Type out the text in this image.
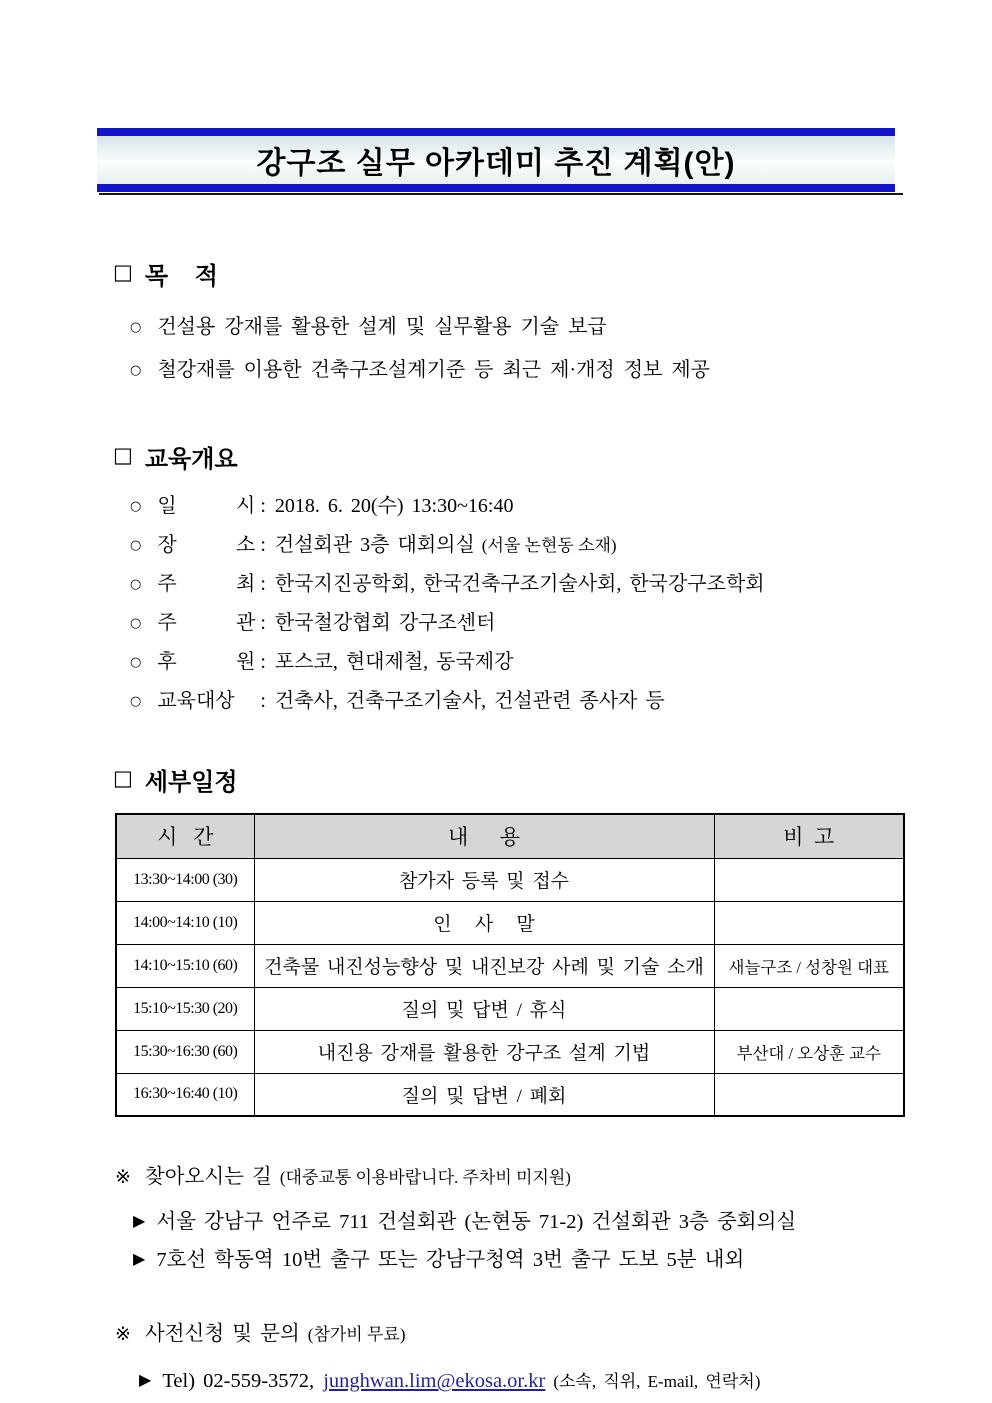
강구조 실무 아카데미 추진 계획(안)
□ 목    적
○ 건설용 강재를 활용한 설계 및 실무활용 기술 보급
○ 철강재를 이용한 건축구조설계기준 등 최근 제·개정 정보 제공
□ 교육개요
○ 일 시 : 2018. 6. 20(수) 13:30~16:40
○ 장 소 : 건설회관 3층 대회의실 (서울 논현동 소재)
○ 주 최 : 한국지진공학회, 한국건축구조기술사회, 한국강구조학회
○ 주 관 : 한국철강협회 강구조센터
○ 후 원 : 포스코, 현대제철, 동국제강
○ 교육대상	: 건축사, 건축구조기술사, 건설관련 종사자 등
□ 세부일정
시   간	내      용	비  고
13:30~14:00 (30)	참가자 등록 및 접수	
14:00~14:10 (10)	인   사   말	
14:10~15:10 (60)	건축물 내진성능향상 및 내진보강 사례 및 기술 소개	새늘구조 / 성창원 대표
15:10~15:30 (20)	질의 및 답변 / 휴식	
15:30~16:30 (60)	내진용 강재를 활용한 강구조 설계 기법	부산대 / 오상훈 교수
16:30~16:40 (10)	질의 및 답변 / 폐회	
※ 찾아오시는 길 (대중교통 이용바랍니다. 주차비 미지원)
▶ 서울 강남구 언주로 711 건설회관 (논현동 71-2) 건설회관 3층 중회의실
▶ 7호선 학동역 10번 출구 또는 강남구청역 3번 출구 도보 5분 내외
※ 사전신청 및 문의 (참가비 무료)
▶ Tel) 02-559-3572, junghwan.lim@ekosa.or.kr (소속, 직위, E-mail, 연락처)
